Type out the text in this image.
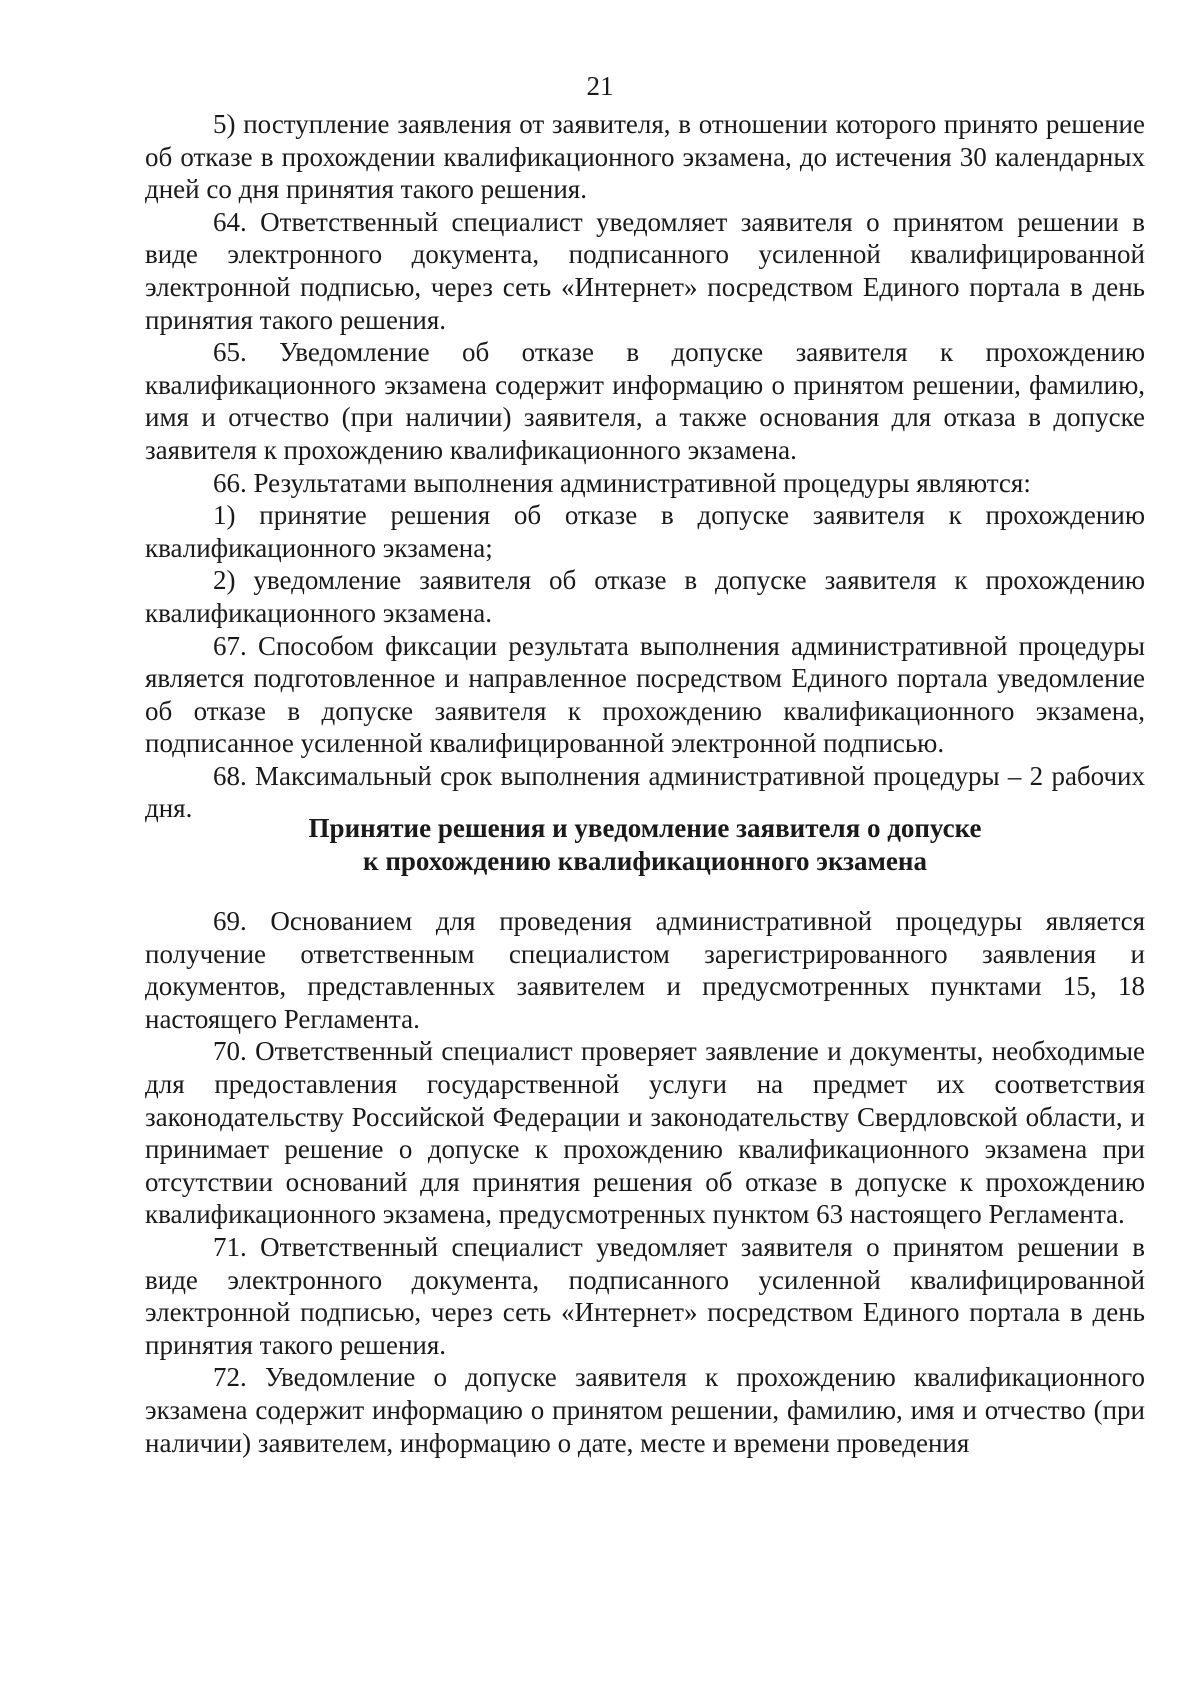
21

5) поступление заявления от заявителя, в отношении которого принято решение об отказе в прохождении квалификационного экзамена, до истечения 30 календарных дней со дня принятия такого решения.

64. Ответственный специалист уведомляет заявителя о принятом решении в виде электронного документа, подписанного усиленной квалифицированной электронной подписью, через сеть «Интернет» посредством Единого портала в день принятия такого решения.

65. Уведомление об отказе в допуске заявителя к прохождению квалификационного экзамена содержит информацию о принятом решении, фамилию, имя и отчество (при наличии) заявителя, а также основания для отказа в допуске заявителя к прохождению квалификационного экзамена.

66. Результатами выполнения административной процедуры являются:

1) принятие решения об отказе в допуске заявителя к прохождению квалификационного экзамена;

2) уведомление заявителя об отказе в допуске заявителя к прохождению квалификационного экзамена.

67. Способом фиксации результата выполнения административной процедуры является подготовленное и направленное посредством Единого портала уведомление об отказе в допуске заявителя к прохождению квалификационного экзамена, подписанное усиленной квалифицированной электронной подписью.

68. Максимальный срок выполнения административной процедуры – 2 рабочих дня.

Принятие решения и уведомление заявителя о допуске
к прохождению квалификационного экзамена

69. Основанием для проведения административной процедуры является получение ответственным специалистом зарегистрированного заявления и документов, представленных заявителем и предусмотренных пунктами 15, 18 настоящего Регламента.

70. Ответственный специалист проверяет заявление и документы, необходимые для предоставления государственной услуги на предмет их соответствия законодательству Российской Федерации и законодательству Свердловской области, и принимает решение о допуске к прохождению квалификационного экзамена при отсутствии оснований для принятия решения об отказе в допуске к прохождению квалификационного экзамена, предусмотренных пунктом 63 настоящего Регламента.

71. Ответственный специалист уведомляет заявителя о принятом решении в виде электронного документа, подписанного усиленной квалифицированной электронной подписью, через сеть «Интернет» посредством Единого портала в день принятия такого решения.

72. Уведомление о допуске заявителя к прохождению квалификационного экзамена содержит информацию о принятом решении, фамилию, имя и отчество (при наличии) заявителем, информацию о дате, месте и времени проведения
